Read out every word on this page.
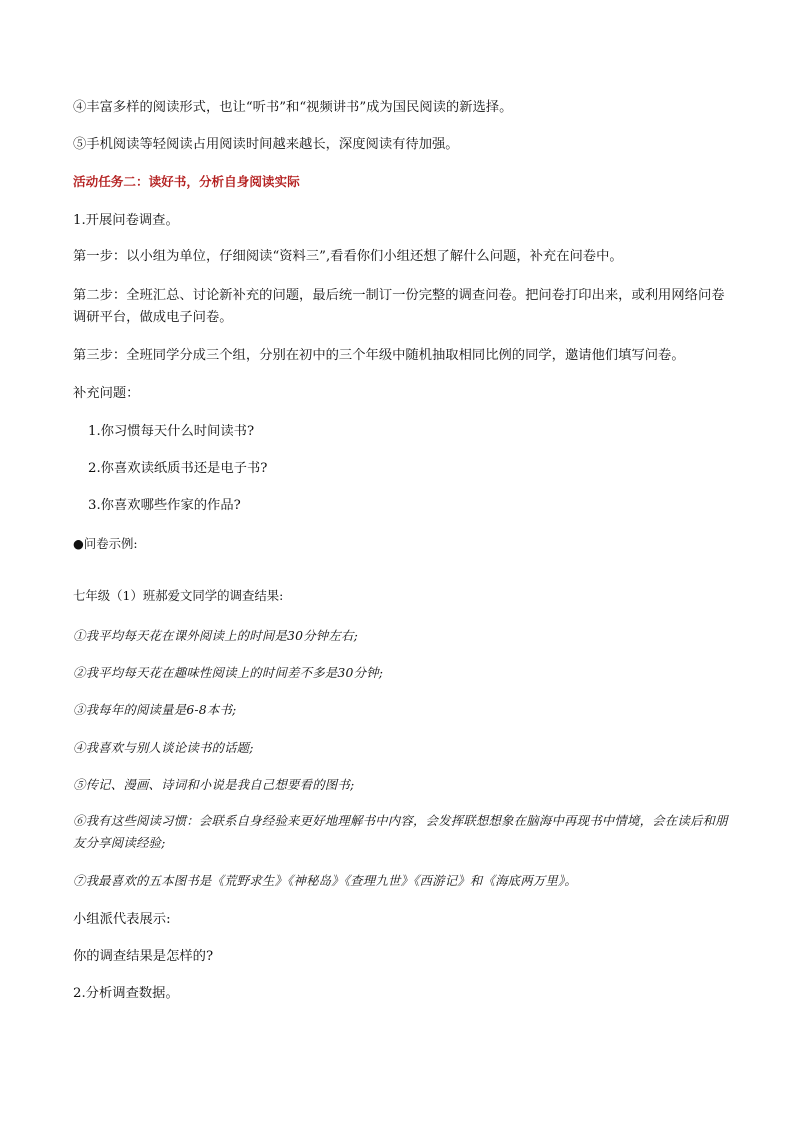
④丰富多样的阅读形式，也让“听书”和“视频讲书”成为国民阅读的新选择。
⑤手机阅读等轻阅读占用阅读时间越来越长，深度阅读有待加强。
活动任务二：读好书，分析自身阅读实际
1.开展问卷调查。
第一步：以小组为单位，仔细阅读“资料三”,看看你们小组还想了解什么问题，补充在问卷中。
第二步：全班汇总、讨论新补充的问题，最后统一制订一份完整的调查问卷。把问卷打印出来，或利用网络问卷调研平台，做成电子问卷。
第三步：全班同学分成三个组，分别在初中的三个年级中随机抽取相同比例的同学，邀请他们填写问卷。
补充问题：
1.你习惯每天什么时间读书?
2.你喜欢读纸质书还是电子书?
3.你喜欢哪些作家的作品?
●问卷示例:
七年级（1）班郝爱文同学的调查结果:
①我平均每天花在课外阅读上的时间是30分钟左右;
②我平均每天花在趣味性阅读上的时间差不多是30分钟;
③我每年的阅读量是6-8本书;
④我喜欢与别人谈论读书的话题;
⑤传记、漫画、诗词和小说是我自己想要看的图书;
⑥我有这些阅读习惯：会联系自身经验来更好地理解书中内容，会发挥联想想象在脑海中再现书中情境，会在读后和朋友分享阅读经验;
⑦我最喜欢的五本图书是《荒野求生》《神秘岛》《查理九世》《西游记》和《海底两万里》。
小组派代表展示:
你的调查结果是怎样的?
2.分析调查数据。
